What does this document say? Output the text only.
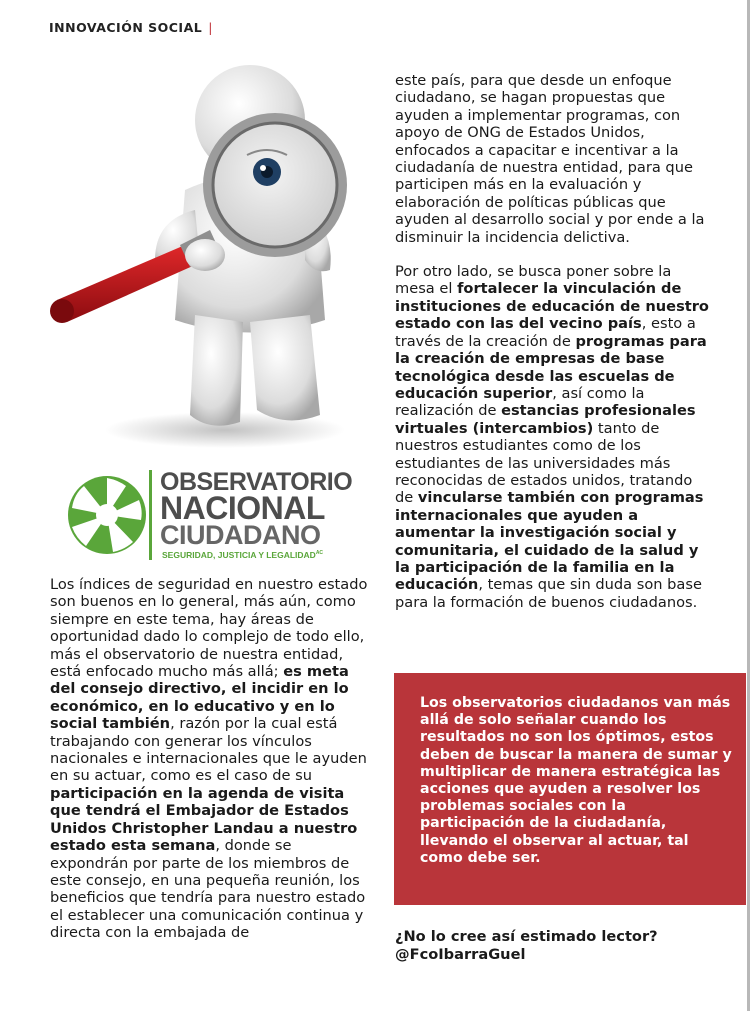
INNOVACIÓN SOCIAL |
OBSERVATORIO
NACIONAL
CIUDADANO
SEGURIDAD, JUSTICIA Y $LEGALIDAD^{AC}$

Los índices de seguridad en nuestro estado son buenos en lo general, más aún, como siempre en este tema, hay áreas de oportunidad dado lo complejo de todo ello, más el observatorio de nuestra entidad, está enfocado mucho más allá; es meta del consejo directivo, el incidir en lo económico, en lo educativo y en lo social también, razón por la cual está trabajando con generar los vínculos nacionales e internacionales que le ayuden en su actuar, como es el caso de su participación en la agenda de visita que tendrá el Embajador de Estados Unidos Christopher Landau a nuestro estado esta semana, donde se expondrán por parte de los miembros de este consejo, en una pequeña reunión, los beneficios que tendría para nuestro estado el establecer una comunicación continua y directa con la embajada de

este país, para que desde un enfoque ciudadano, se hagan propuestas que ayuden a implementar programas, con apoyo de ONG de Estados Unidos, enfocados a capacitar e incentivar a la ciudadanía de nuestra entidad, para que participen más en la evaluación y elaboración de políticas públicas que ayuden al desarrollo social y por ende a la disminuir la incidencia delictiva.

Por otro lado, se busca poner sobre la mesa el fortalecer la vinculación de instituciones de educación de nuestro estado con las del vecino país, esto a través de la creación de programas para la creación de empresas de base tecnológica desde las escuelas de educación superior, así como la realización de estancias profesionales virtuales (intercambios) tanto de nuestros estudiantes como de los estudiantes de las universidades más reconocidas de estados unidos, tratando de vincularse también con programas internacionales que ayuden a aumentar la investigación social y comunitaria, el cuidado de la salud y la participación de la familia en la educación, temas que sin duda son base para la formación de buenos ciudadanos.

Los observatorios ciudadanos van más allá de solo señalar cuando los resultados no son los óptimos, estos deben de buscar la manera de sumar y multiplicar de manera estratégica las acciones que ayuden a resolver los problemas sociales con la participación de la ciudadanía, llevando el observar al actuar, tal como debe ser.

¿No lo cree así estimado lector?
@FcoIbarraGuel
